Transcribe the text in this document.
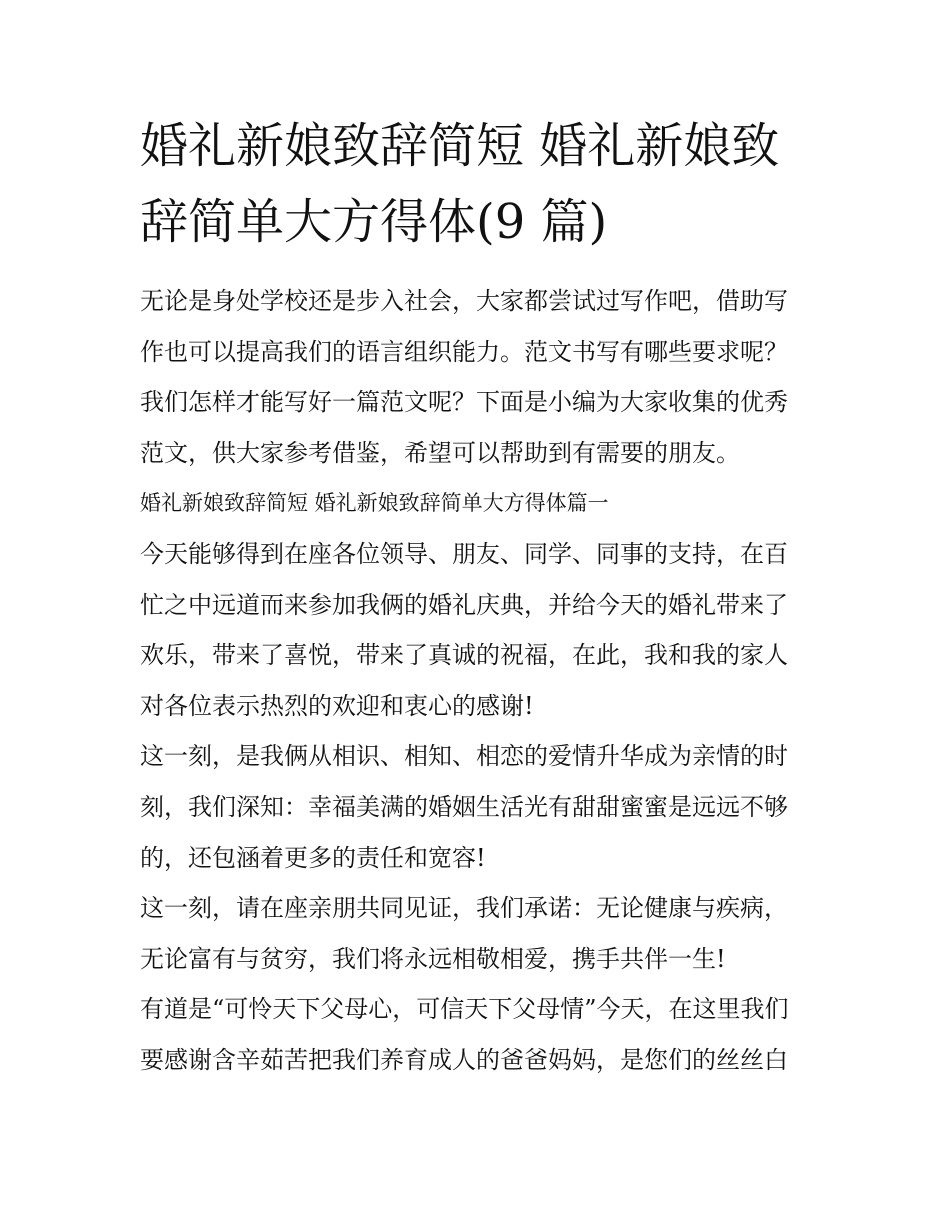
婚礼新娘致辞简短 婚礼新娘致
辞简单大方得体(9 篇)

无论是身处学校还是步入社会，大家都尝试过写作吧，借助写
作也可以提高我们的语言组织能力。范文书写有哪些要求呢？
我们怎样才能写好一篇范文呢？下面是小编为大家收集的优秀
范文，供大家参考借鉴，希望可以帮助到有需要的朋友。

婚礼新娘致辞简短 婚礼新娘致辞简单大方得体篇一

今天能够得到在座各位领导、朋友、同学、同事的支持，在百
忙之中远道而来参加我俩的婚礼庆典，并给今天的婚礼带来了
欢乐，带来了喜悦，带来了真诚的祝福，在此，我和我的家人
对各位表示热烈的欢迎和衷心的感谢!

这一刻，是我俩从相识、相知、相恋的爱情升华成为亲情的时
刻，我们深知：幸福美满的婚姻生活光有甜甜蜜蜜是远远不够
的，还包涵着更多的责任和宽容!

这一刻，请在座亲朋共同见证，我们承诺：无论健康与疾病，
无论富有与贫穷，我们将永远相敬相爱，携手共伴一生!

有道是“可怜天下父母心，可信天下父母情”今天，在这里我们
要感谢含辛茹苦把我们养育成人的爸爸妈妈，是您们的丝丝白
